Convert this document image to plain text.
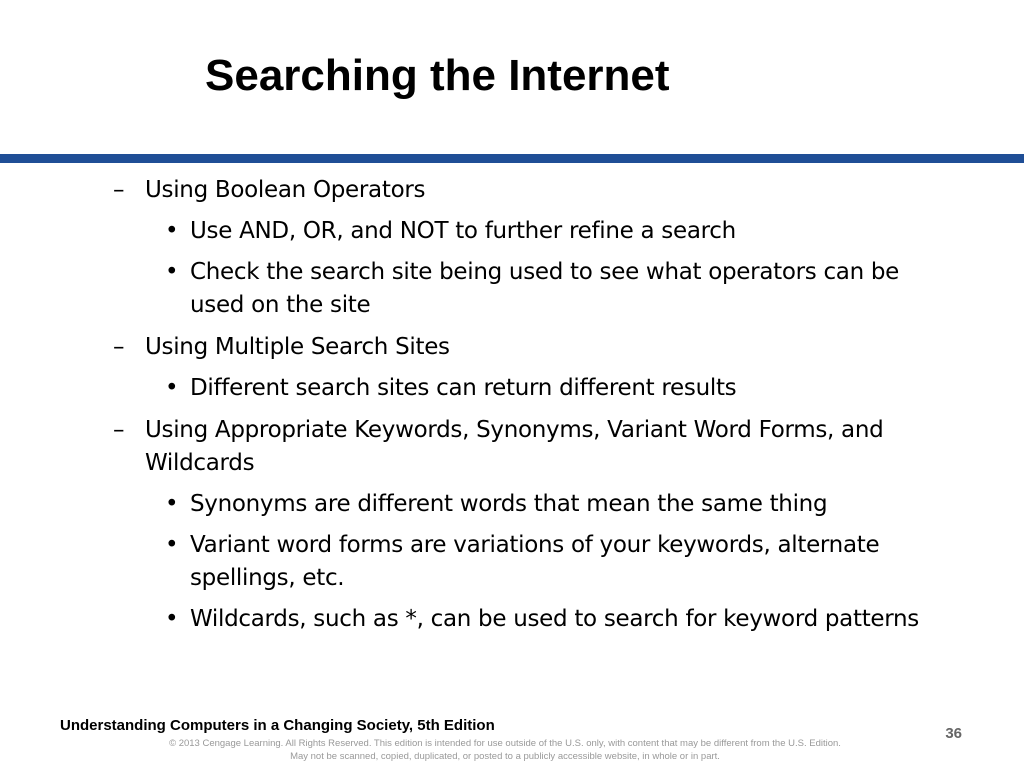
Searching the Internet
– Using Boolean Operators
• Use AND, OR, and NOT to further refine a search
• Check the search site being used to see what operators can be used on the site
– Using Multiple Search Sites
• Different search sites can return different results
– Using Appropriate Keywords, Synonyms, Variant Word Forms, and Wildcards
• Synonyms are different words that mean the same thing
• Variant word forms are variations of your keywords, alternate spellings, etc.
• Wildcards, such as *, can be used to search for keyword patterns
Understanding Computers in a Changing Society, 5th Edition	36
© 2013 Cengage Learning. All Rights Reserved. This edition is intended for use outside of the U.S. only, with content that may be different from the U.S. Edition.
May not be scanned, copied, duplicated, or posted to a publicly accessible website, in whole or in part.
